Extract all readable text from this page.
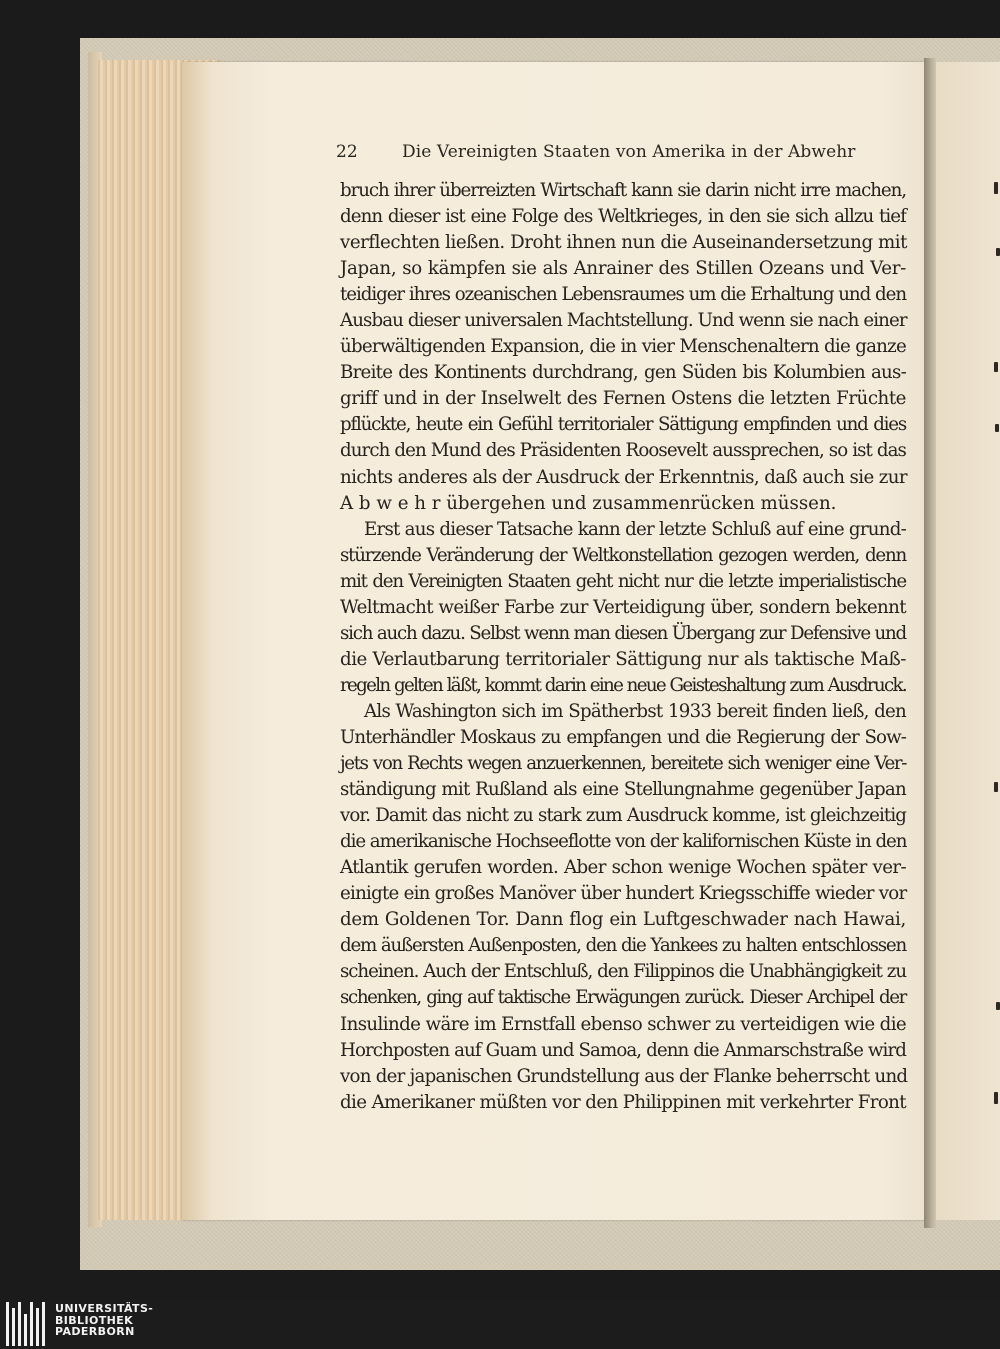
22	Die Vereinigten Staaten von Amerika in der Abwehr
bruch ihrer überreizten Wirtschaft kann sie darin nicht irre machen,
denn dieser ist eine Folge des Weltkrieges, in den sie sich allzu tief
verflechten ließen. Droht ihnen nun die Auseinandersetzung mit
Japan, so kämpfen sie als Anrainer des Stillen Ozeans und Ver-
teidiger ihres ozeanischen Lebensraumes um die Erhaltung und den
Ausbau dieser universalen Machtstellung. Und wenn sie nach einer
überwältigenden Expansion, die in vier Menschenaltern die ganze
Breite des Kontinents durchdrang, gen Süden bis Kolumbien aus-
griff und in der Inselwelt des Fernen Ostens die letzten Früchte
pflückte, heute ein Gefühl territorialer Sättigung empfinden und dies
durch den Mund des Präsidenten Roosevelt aussprechen, so ist das
nichts anderes als der Ausdruck der Erkenntnis, daß auch sie zur
A b w e h r übergehen und zusammenrücken müssen.
Erst aus dieser Tatsache kann der letzte Schluß auf eine grund-
stürzende Veränderung der Weltkonstellation gezogen werden, denn
mit den Vereinigten Staaten geht nicht nur die letzte imperialistische
Weltmacht weißer Farbe zur Verteidigung über, sondern bekennt
sich auch dazu. Selbst wenn man diesen Übergang zur Defensive und
die Verlautbarung territorialer Sättigung nur als taktische Maß-
regeln gelten läßt, kommt darin eine neue Geisteshaltung zum Ausdruck.
Als Washington sich im Spätherbst 1933 bereit finden ließ, den
Unterhändler Moskaus zu empfangen und die Regierung der Sow-
jets von Rechts wegen anzuerkennen, bereitete sich weniger eine Ver-
ständigung mit Rußland als eine Stellungnahme gegenüber Japan
vor. Damit das nicht zu stark zum Ausdruck komme, ist gleichzeitig
die amerikanische Hochseeflotte von der kalifornischen Küste in den
Atlantik gerufen worden. Aber schon wenige Wochen später ver-
einigte ein großes Manöver über hundert Kriegsschiffe wieder vor
dem Goldenen Tor. Dann flog ein Luftgeschwader nach Hawai,
dem äußersten Außenposten, den die Yankees zu halten entschlossen
scheinen. Auch der Entschluß, den Filippinos die Unabhängigkeit zu
schenken, ging auf taktische Erwägungen zurück. Dieser Archipel der
Insulinde wäre im Ernstfall ebenso schwer zu verteidigen wie die
Horchposten auf Guam und Samoa, denn die Anmarschstraße wird
von der japanischen Grundstellung aus der Flanke beherrscht und
die Amerikaner müßten vor den Philippinen mit verkehrter Front
UNIVERSITÄTS-
BIBLIOTHEK
PADERBORN
